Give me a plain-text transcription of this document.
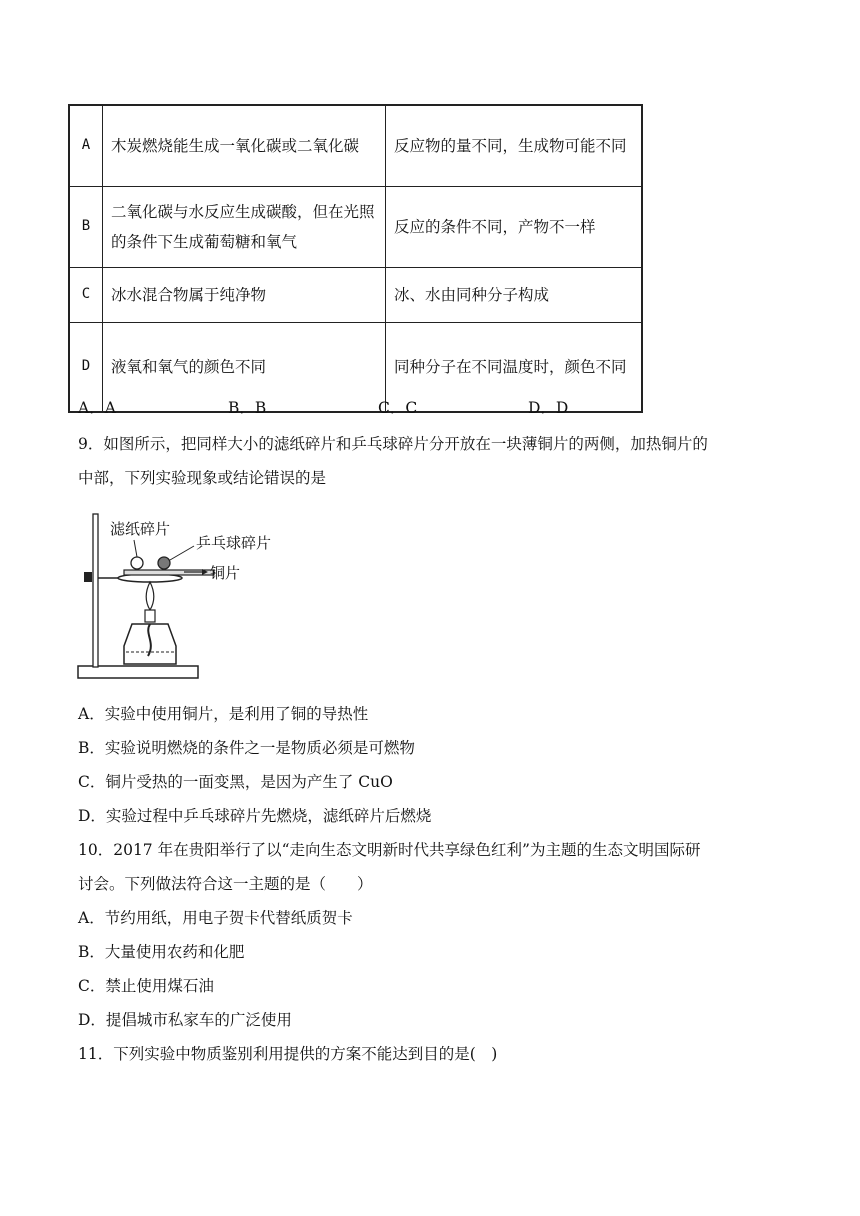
A	木炭燃烧能生成一氧化碳或二氧化碳	反应物的量不同，生成物可能不同
B	二氧化碳与水反应生成碳酸，但在光照的条件下生成葡萄糖和氧气	反应的条件不同，产物不一样
C	冰水混合物属于纯净物	冰、水由同种分子构成
D	液氧和氧气的颜色不同	同种分子在不同温度时，颜色不同
A．A	B．B	C．C	D．D
9．如图所示，把同样大小的滤纸碎片和乒乓球碎片分开放在一块薄铜片的两侧，加热铜片的
中部，下列实验现象或结论错误的是
滤纸碎片
乒乓球碎片
铜片
A．实验中使用铜片，是利用了铜的导热性
B．实验说明燃烧的条件之一是物质必须是可燃物
C．铜片受热的一面变黑，是因为产生了 CuO
D．实验过程中乒乓球碎片先燃烧，滤纸碎片后燃烧
10．2017 年在贵阳举行了以“走向生态文明新时代共享绿色红利”为主题的生态文明国际研
讨会。下列做法符合这一主题的是（　　）
A．节约用纸，用电子贺卡代替纸质贺卡
B．大量使用农药和化肥
C．禁止使用煤石油
D．提倡城市私家车的广泛使用
11．下列实验中物质鉴别利用提供的方案不能达到目的是(　)
